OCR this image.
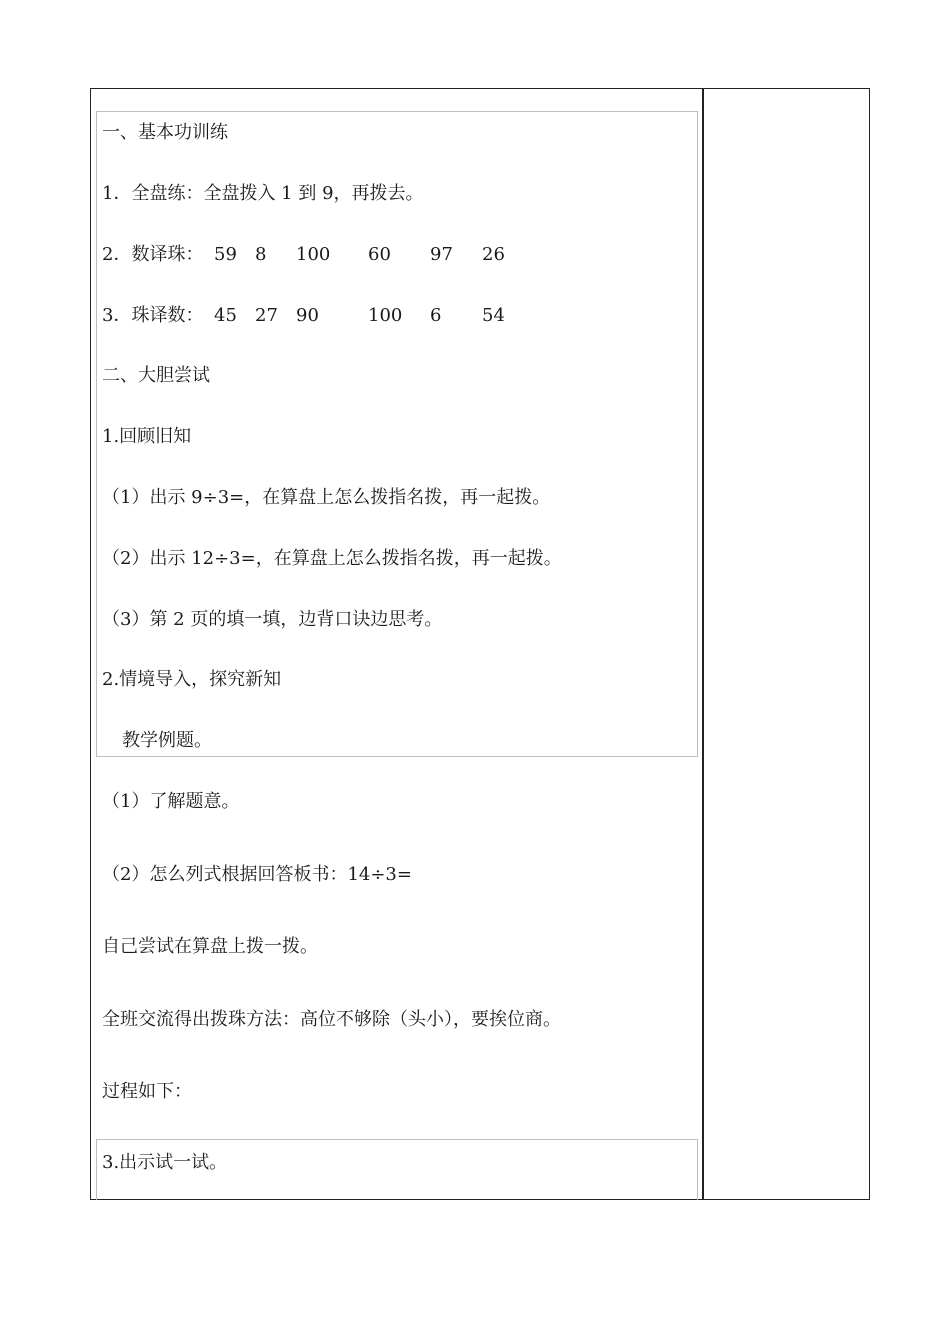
一、基本功训练
1．全盘练：全盘拨入 1 到 9，再拨去。
2．数译珠： 59 8 100 60 97 26
3．珠译数： 45 27 90	100 6 54
二、大胆尝试
1.回顾旧知
（1）出示 9÷3=，在算盘上怎么拨指名拨，再一起拨。
（2）出示 12÷3=，在算盘上怎么拨指名拨，再一起拨。
（3）第 2 页的填一填，边背口诀边思考。
2.情境导入，探究新知
教学例题。
（1）了解题意。
（2）怎么列式根据回答板书：14÷3=
自己尝试在算盘上拨一拨。
全班交流得出拨珠方法：高位不够除（头小），要挨位商。
过程如下：
3.出示试一试。
